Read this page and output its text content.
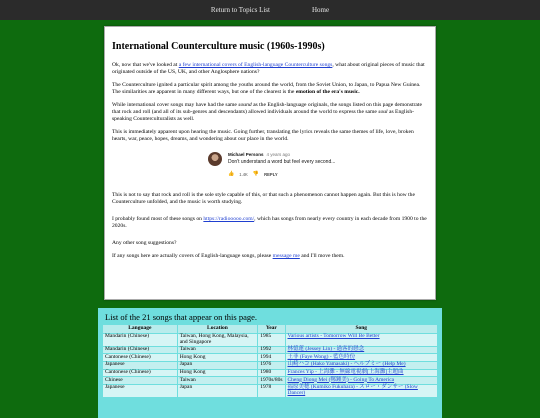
Return to Topics List	Home
International Counterculture music (1960s-1990s)

Ok, now that we've looked at a few international covers of English-language Counterculture songs, what about original pieces of music that originated outside of the US, UK, and other Anglosphere nations?

The Counterculture ignited a particular spirit among the youths around the world, from the Soviet Union, to Japan, to Papua New Guinea. The similarities are apparent in many different ways, but one of the clearest is the emotion of the era's music.

While international cover songs may have had the same sound as the English-language originals, the songs listed on this page demonstrate that rock and roll (and all of its sub-genres and descendants) allowed individuals around the world to express the same soul as English-speaking Counterculturalists as well.

This is immediately apparent upon hearing the music. Going further, translating the lyrics reveals the same themes of life, love, broken hearts, war, peace, hopes, dreams, and wondering about our place in the world.

Michael Persons 4 years ago
Don't understand a word but feel every second...
👍 1.4K 👎 REPLY

This is not to say that rock and roll is the sole style capable of this, or that such a phenomenon cannot happen again. But this is how the Counterculture unfolded, and the music is worth studying.

I probably found most of these songs on https://radiooooo.com/, which has songs from nearly every country in each decade from 1900 to the 2020s.

Any other song suggestions?

If any songs here are actually covers of English-language songs, please message me and I'll move them.

List of the 21 songs that appear on this page.
Language	Location	Year	Song
Mandarin (Chinese)	Taiwan, Hong Kong, Malaysia, and Singapore	1985	Various artists - Tomorrow Will Be Better
Mandarin (Chinese)	Taiwan	1992	林憶蓮 (Jessey Lin) - 過客的戀念
Cantonese (Chinese)	Hong Kong	1994	王菲 (Faye Wong) - 藍色時份
Japanese	Japan	1976	山崎ハコ (Hako Yamasaki) - ヘルプミー (Help Me)
Cantonese (Chinese)	Hong Kong	1980	Frances Yip - 上海灘 - 無線電視劇[上海灘]主題曲
Chinese	Taiwan	1970s/80s	Cheng Diong Mei (鄭鍾美) - Going To America
Japanese	Japan	1978	福原美穂 (Kumiko Fukuhara) - スロー・ダンサー (Slow Dancer)
